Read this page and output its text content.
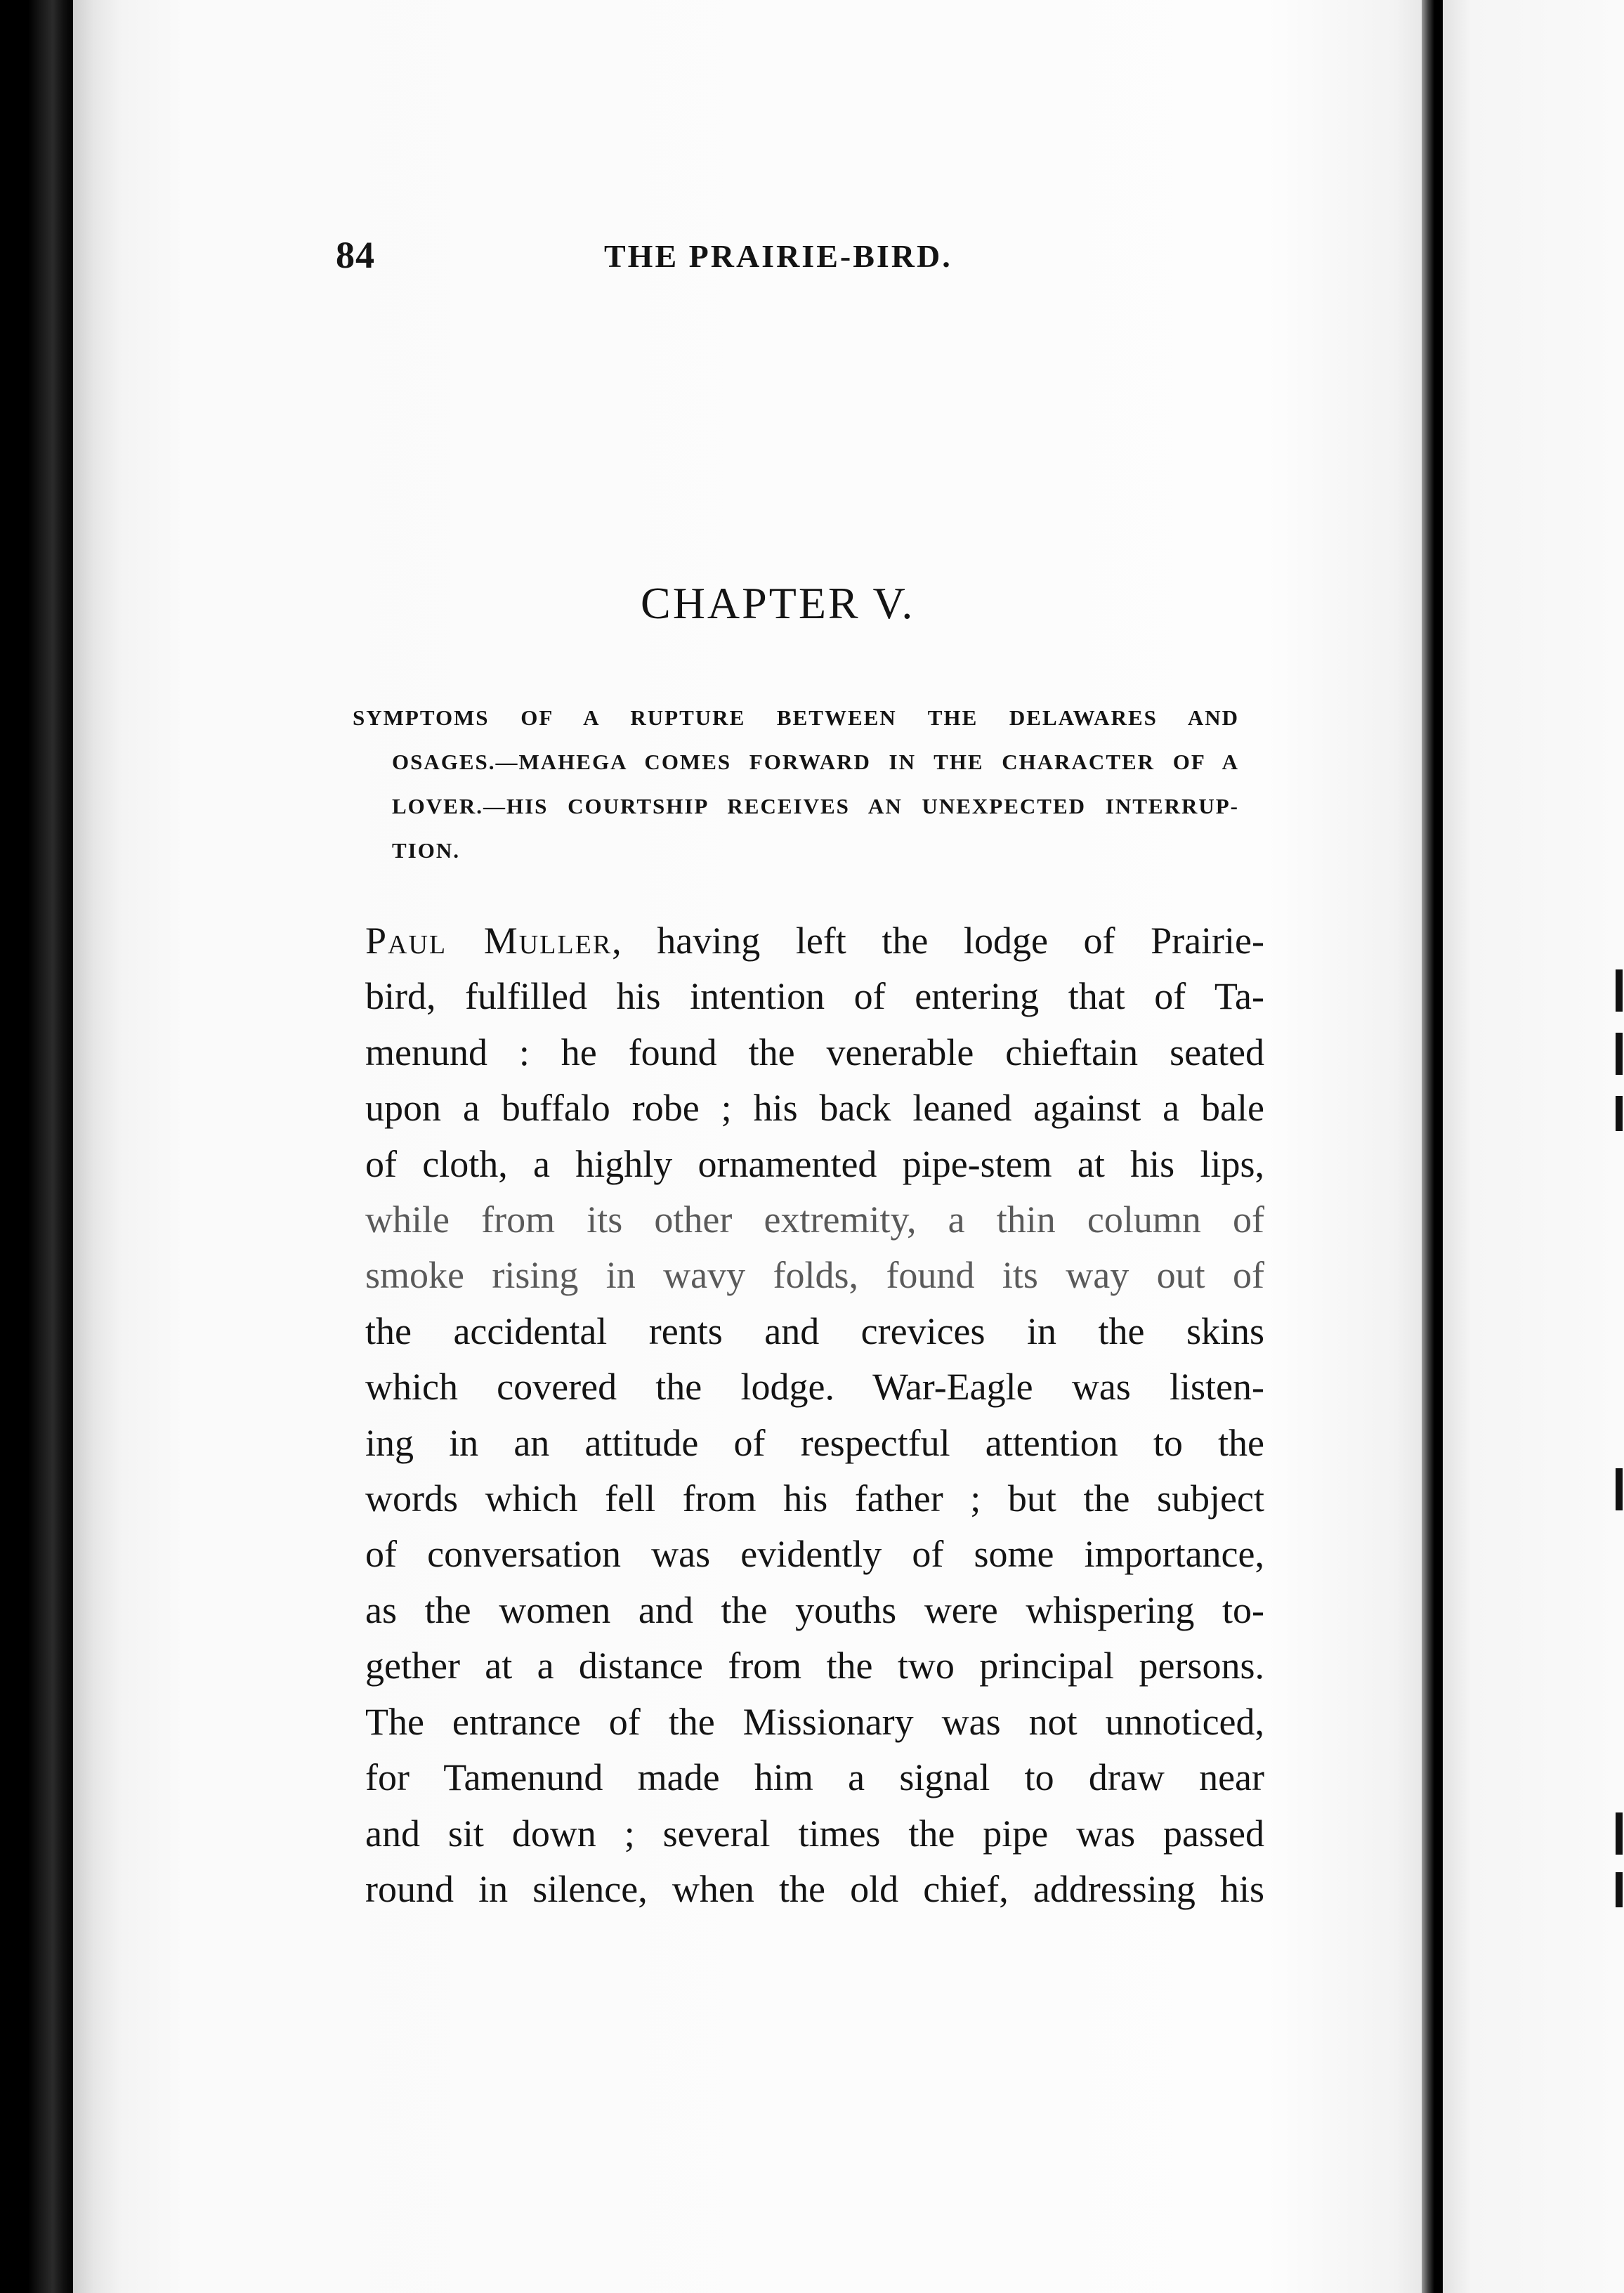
84	THE PRAIRIE-BIRD.
CHAPTER V.
SYMPTOMS OF A RUPTURE BETWEEN THE DELAWARES AND
OSAGES.—MAHEGA COMES FORWARD IN THE CHARACTER OF A
LOVER.—HIS COURTSHIP RECEIVES AN UNEXPECTED INTERRUP-
TION.
Paul Muller, having left the lodge of Prairie-
bird, fulfilled his intention of entering that of Ta-
menund : he found the venerable chieftain seated
upon a buffalo robe ; his back leaned against a bale
of cloth, a highly ornamented pipe-stem at his lips,
while from its other extremity, a thin column of
smoke rising in wavy folds, found its way out of
the accidental rents and crevices in the skins
which covered the lodge. War-Eagle was listen-
ing in an attitude of respectful attention to the
words which fell from his father ; but the subject
of conversation was evidently of some importance,
as the women and the youths were whispering to-
gether at a distance from the two principal persons.
The entrance of the Missionary was not unnoticed,
for Tamenund made him a signal to draw near
and sit down ; several times the pipe was passed
round in silence, when the old chief, addressing his
